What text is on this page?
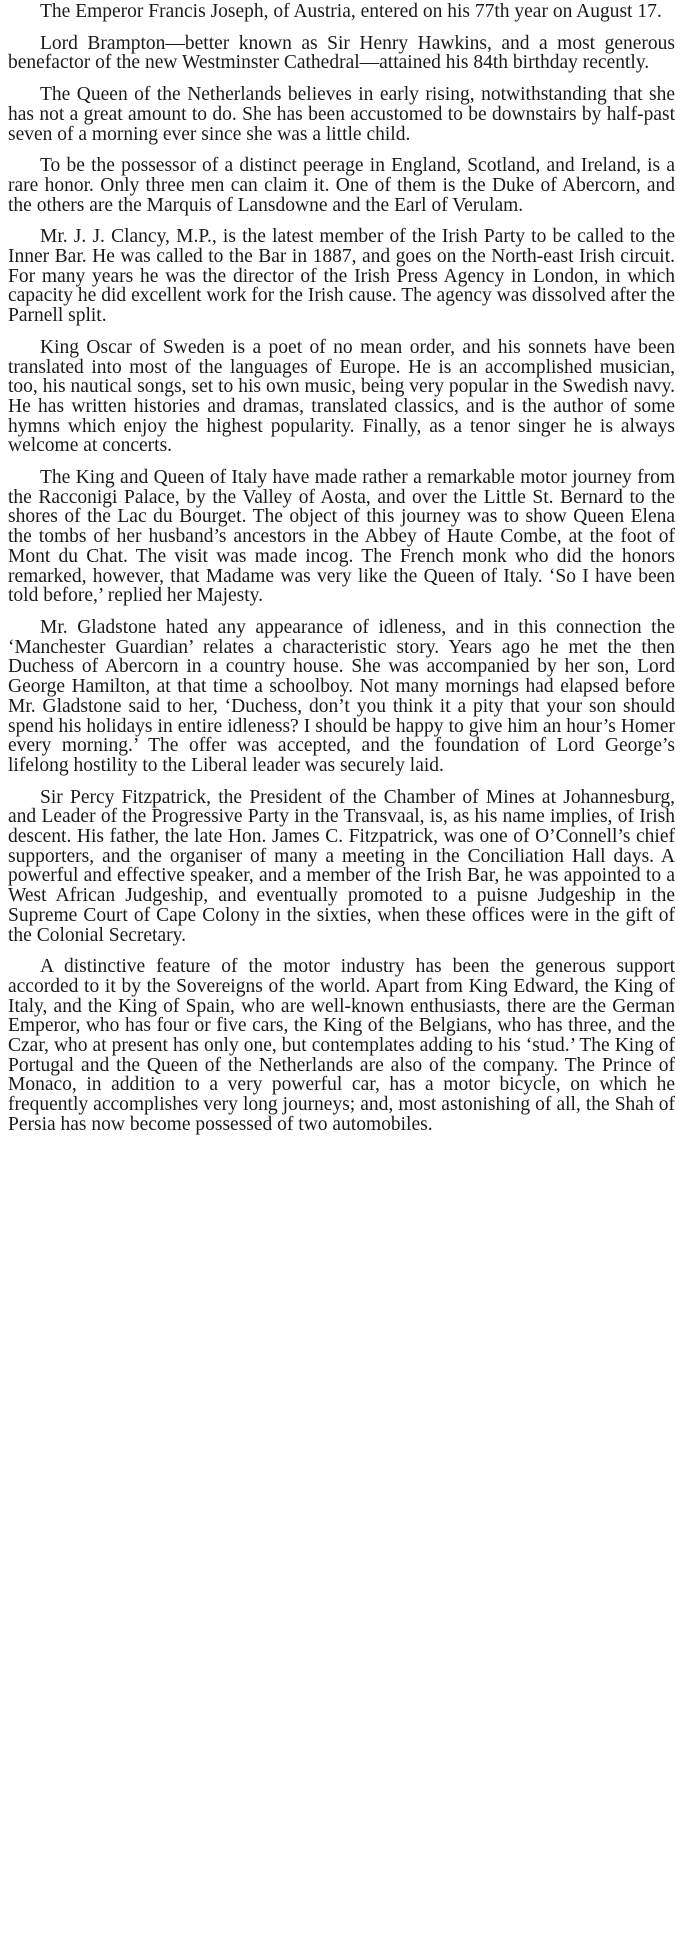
The Emperor Francis Joseph, of Austria, entered on his 77th year on August 17.

Lord Brampton—better known as Sir Henry Hawkins, and a most generous benefactor of the new Westminster Cathedral—attained his 84th birthday recently.

The Queen of the Netherlands believes in early rising, notwithstanding that she has not a great amount to do. She has been accustomed to be downstairs by half-past seven of a morning ever since she was a little child.

To be the possessor of a distinct peerage in England, Scotland, and Ireland, is a rare honor. Only three men can claim it. One of them is the Duke of Abercorn, and the others are the Marquis of Lansdowne and the Earl of Verulam.

Mr. J. J. Clancy, M.P., is the latest member of the Irish Party to be called to the Inner Bar. He was called to the Bar in 1887, and goes on the North-east Irish circuit. For many years he was the director of the Irish Press Agency in London, in which capacity he did excellent work for the Irish cause. The agency was dissolved after the Parnell split.

King Oscar of Sweden is a poet of no mean order, and his sonnets have been translated into most of the languages of Europe. He is an accomplished musician, too, his nautical songs, set to his own music, being very popular in the Swedish navy. He has written histories and dramas, translated classics, and is the author of some hymns which enjoy the highest popularity. Finally, as a tenor singer he is always welcome at concerts.

The King and Queen of Italy have made rather a remarkable motor journey from the Racconigi Palace, by the Valley of Aosta, and over the Little St. Bernard to the shores of the Lac du Bourget. The object of this journey was to show Queen Elena the tombs of her husband’s ancestors in the Abbey of Haute Combe, at the foot of Mont du Chat. The visit was made incog. The French monk who did the honors remarked, however, that Madame was very like the Queen of Italy. ‘So I have been told before,’ replied her Majesty.

Mr. Gladstone hated any appearance of idleness, and in this connection the ‘Manchester Guardian’ relates a characteristic story. Years ago he met the then Duchess of Abercorn in a country house. She was accompanied by her son, Lord George Hamilton, at that time a schoolboy. Not many mornings had elapsed before Mr. Gladstone said to her, ‘Duchess, don’t you think it a pity that your son should spend his holidays in entire idleness? I should be happy to give him an hour’s Homer every morning.’ The offer was accepted, and the foundation of Lord George’s lifelong hostility to the Liberal leader was securely laid.

Sir Percy Fitzpatrick, the President of the Chamber of Mines at Johannesburg, and Leader of the Progressive Party in the Transvaal, is, as his name implies, of Irish descent. His father, the late Hon. James C. Fitzpatrick, was one of O’Connell’s chief supporters, and the organiser of many a meeting in the Conciliation Hall days. A powerful and effective speaker, and a member of the Irish Bar, he was appointed to a West African Judgeship, and eventually promoted to a puisne Judgeship in the Supreme Court of Cape Colony in the sixties, when these offices were in the gift of the Colonial Secretary.

A distinctive feature of the motor industry has been the generous support accorded to it by the Sovereigns of the world. Apart from King Edward, the King of Italy, and the King of Spain, who are well-known enthusiasts, there are the German Emperor, who has four or five cars, the King of the Belgians, who has three, and the Czar, who at present has only one, but contemplates adding to his ‘stud.’ The King of Portugal and the Queen of the Netherlands are also of the company. The Prince of Monaco, in addition to a very powerful car, has a motor bicycle, on which he frequently accomplishes very long journeys; and, most astonishing of all, the Shah of Persia has now become possessed of two automobiles.
